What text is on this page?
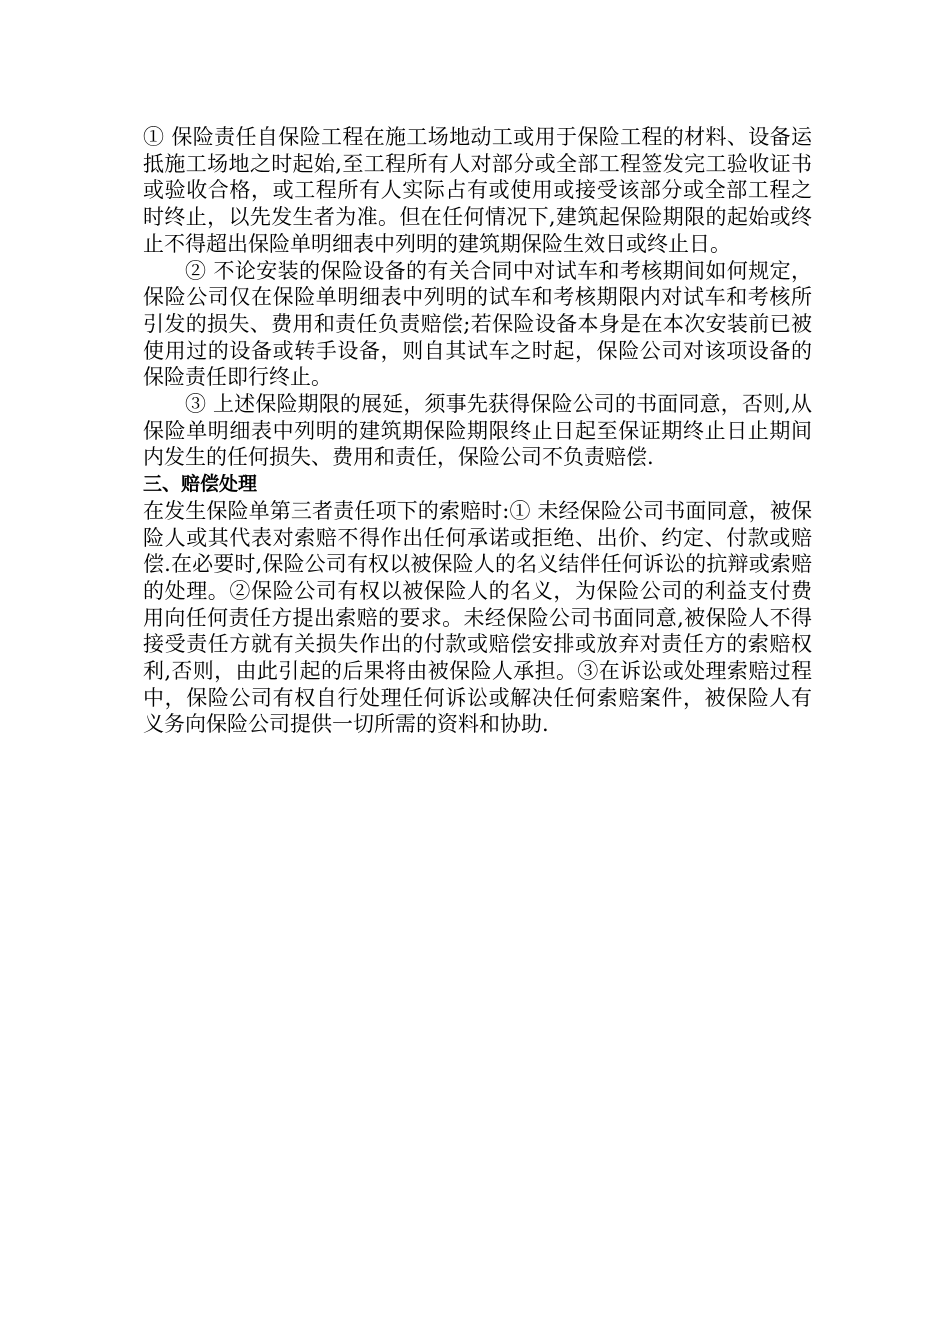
① 保险责任自保险工程在施工场地动工或用于保险工程的材料、设备运抵施工场地之时起始,至工程所有人对部分或全部工程签发完工验收证书或验收合格，或工程所有人实际占有或使用或接受该部分或全部工程之时终止，以先发生者为准。但在任何情况下,建筑起保险期限的起始或终止不得超出保险单明细表中列明的建筑期保险生效日或终止日。

② 不论安装的保险设备的有关合同中对试车和考核期间如何规定，保险公司仅在保险单明细表中列明的试车和考核期限内对试车和考核所引发的损失、费用和责任负责赔偿;若保险设备本身是在本次安装前已被使用过的设备或转手设备，则自其试车之时起，保险公司对该项设备的保险责任即行终止。

③ 上述保险期限的展延，须事先获得保险公司的书面同意，否则,从保险单明细表中列明的建筑期保险期限终止日起至保证期终止日止期间内发生的任何损失、费用和责任，保险公司不负责赔偿.

三、赔偿处理

在发生保险单第三者责任项下的索赔时:① 未经保险公司书面同意，被保险人或其代表对索赔不得作出任何承诺或拒绝、出价、约定、付款或赔偿.在必要时,保险公司有权以被保险人的名义结伴任何诉讼的抗辩或索赔的处理。②保险公司有权以被保险人的名义，为保险公司的利益支付费用向任何责任方提出索赔的要求。未经保险公司书面同意,被保险人不得接受责任方就有关损失作出的付款或赔偿安排或放弃对责任方的索赔权利,否则，由此引起的后果将由被保险人承担。③在诉讼或处理索赔过程中，保险公司有权自行处理任何诉讼或解决任何索赔案件，被保险人有义务向保险公司提供一切所需的资料和协助.
